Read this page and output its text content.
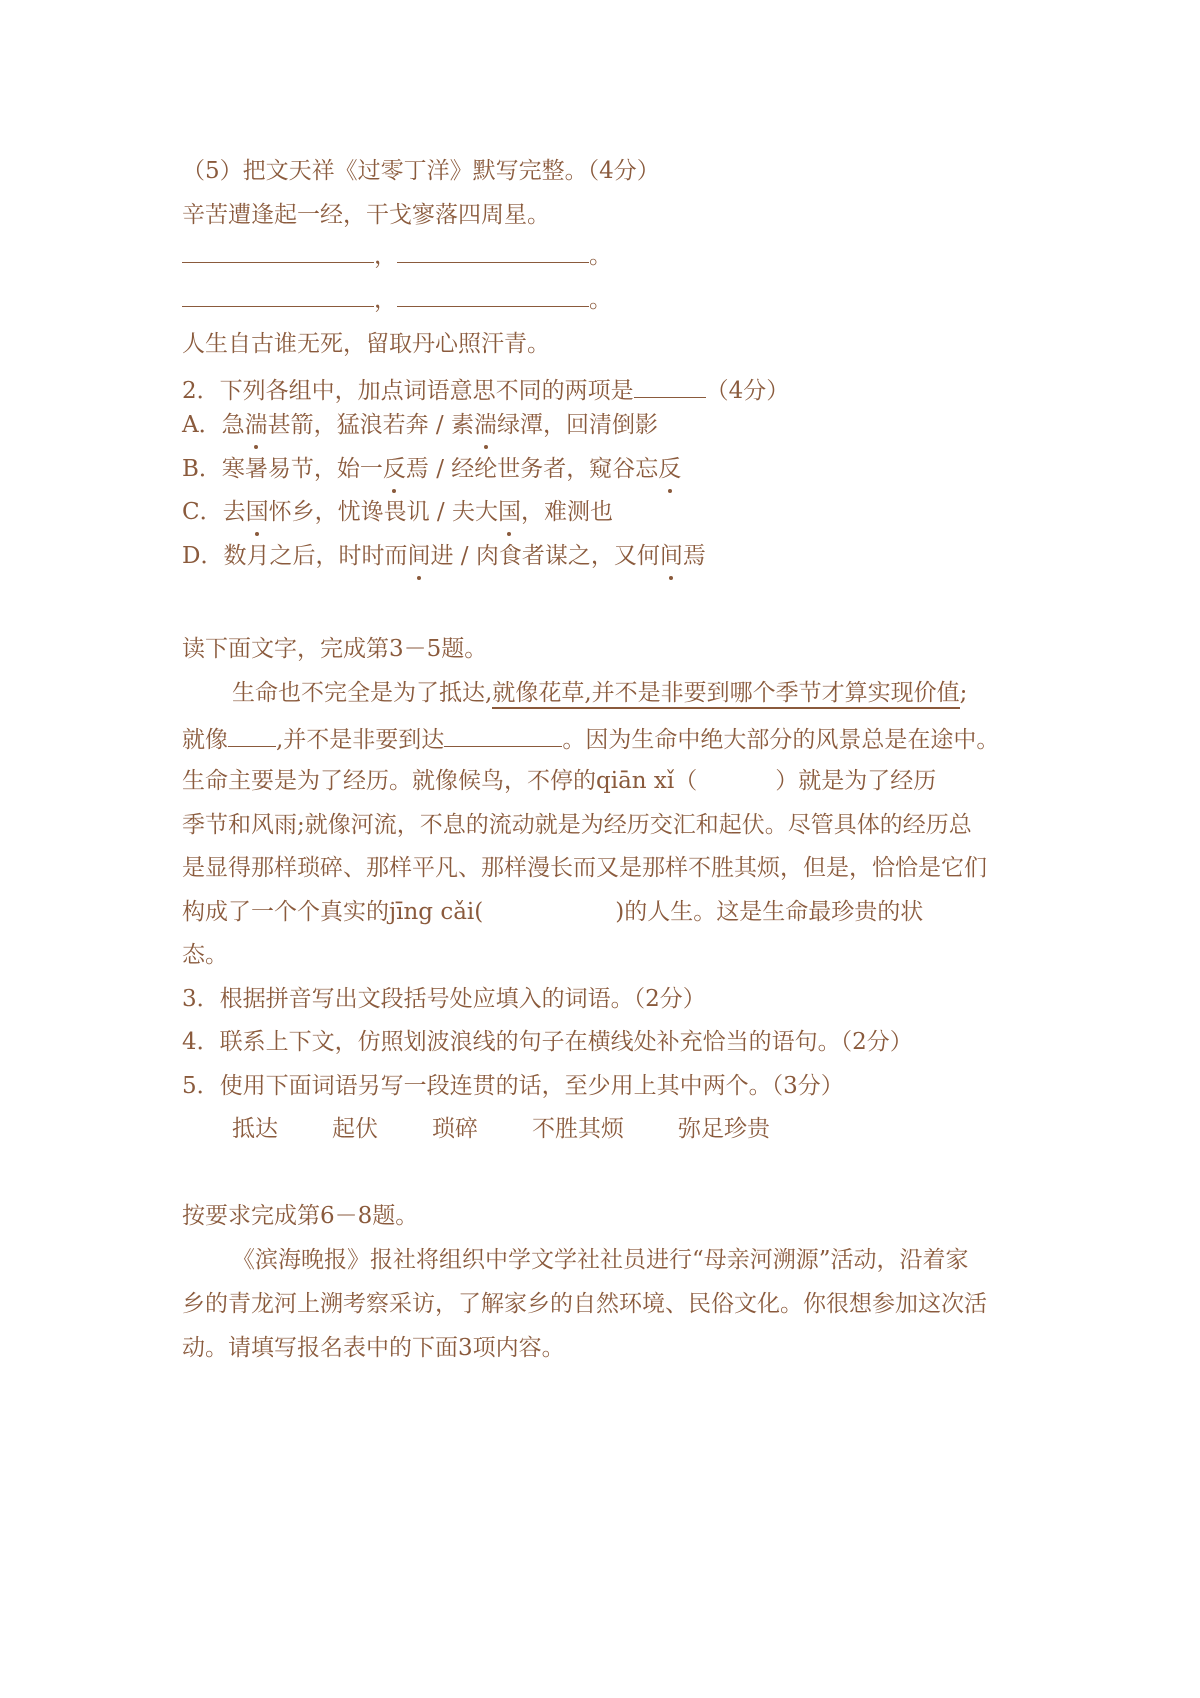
（5）把文天祥《过零丁洋》默写完整。（4分）
辛苦遭逢起一经，干戈寥落四周星。
，	。
，	。
人生自古谁无死，留取丹心照汗青。
2．下列各组中，加点词语意思不同的两项是	（4分）
A．急湍甚箭，猛浪若奔 / 素湍绿潭，回清倒影
B．寒暑易节，始一反焉 / 经纶世务者，窥谷忘反
C．去国怀乡，忧谗畏讥 / 夫大国，难测也
D．数月之后，时时而间进 / 肉食者谋之，又何间焉
读下面文字，完成第3－5题。
生命也不完全是为了抵达,就像花草,并不是非要到哪个季节才算实现价值;
就像 ,并不是非要到达	。因为生命中绝大部分的风景总是在途中。
生命主要是为了经历。就像候鸟，不停的qiān xǐ（	）就是为了经历
季节和风雨;就像河流，不息的流动就是为经历交汇和起伏。尽管具体的经历总
是显得那样琐碎、那样平凡、那样漫长而又是那样不胜其烦，但是，恰恰是它们
构成了一个个真实的jīng cǎi(	)的人生。这是生命最珍贵的状
态。
3．根据拼音写出文段括号处应填入的词语。（2分）
4．联系上下文，仿照划波浪线的句子在横线处补充恰当的语句。（2分）
5．使用下面词语另写一段连贯的话，至少用上其中两个。（3分）
抵达 起伏 琐碎 不胜其烦 弥足珍贵
按要求完成第6－8题。
《滨海晚报》报社将组织中学文学社社员进行“母亲河溯源”活动，沿着家
乡的青龙河上溯考察采访，了解家乡的自然环境、民俗文化。你很想参加这次活
动。请填写报名表中的下面3项内容。
